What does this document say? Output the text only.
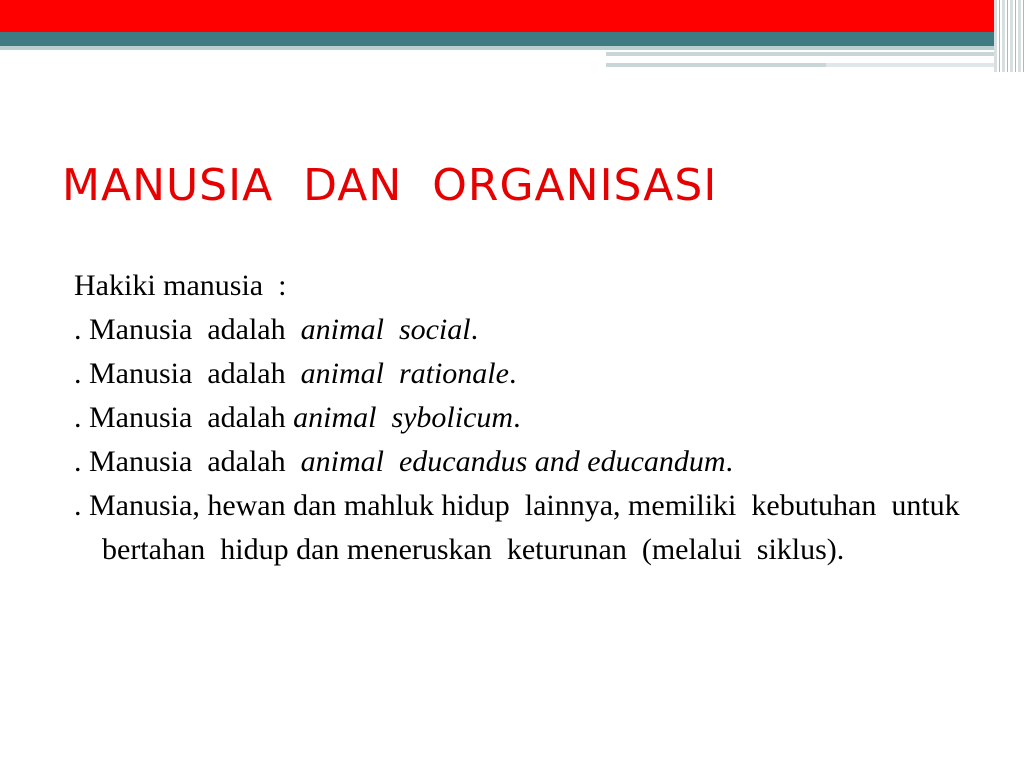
MANUSIA  DAN  ORGANISASI
Hakiki manusia  :
. Manusia  adalah  animal  social.
. Manusia  adalah  animal  rationale.
. Manusia  adalah animal  sybolicum.
. Manusia  adalah  animal  educandus and educandum.
. Manusia, hewan dan mahluk hidup  lainnya, memiliki  kebutuhan  untuk bertahan  hidup dan meneruskan  keturunan  (melalui  siklus).
